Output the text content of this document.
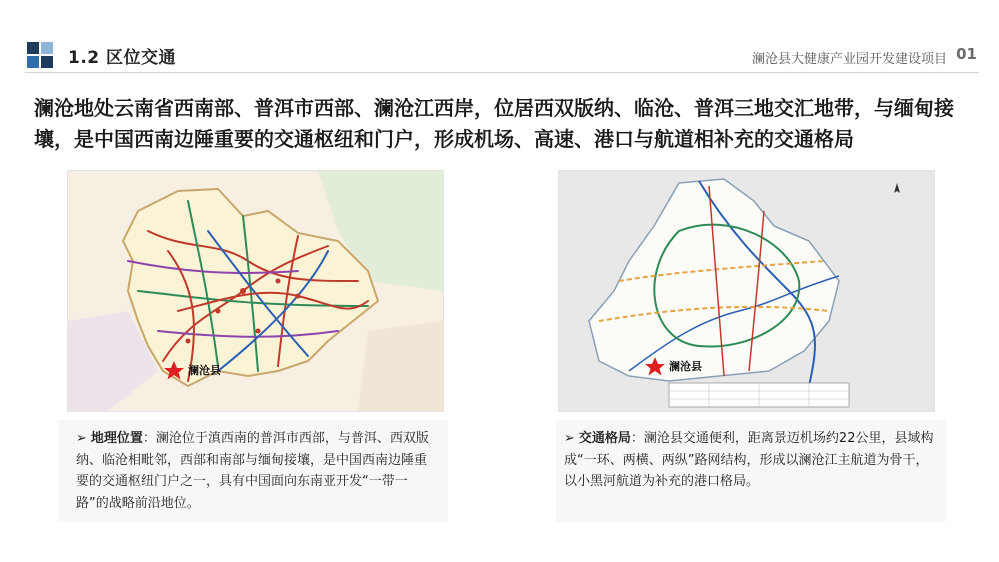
1.2 区位交通	澜沧县大健康产业园开发建设项目 01
澜沧地处云南省西南部、普洱市西部、澜沧江西岸，位居西双版纳、临沧、普洱三地交汇地带，与缅甸接壤，是中国西南边陲重要的交通枢纽和门户，形成机场、高速、港口与航道相补充的交通格局
澜沧县	澜沧县

➢ 地理位置：澜沧位于滇西南的普洱市西部，与普洱、西双版纳、临沧相毗邻，西部和南部与缅甸接壤，是中国西南边陲重要的交通枢纽门户之一，具有中国面向东南亚开发“一带一路”的战略前沿地位。

➢ 交通格局：澜沧县交通便利，距离景迈机场约22公里，县域构成“一环、两横、两纵”路网结构，形成以澜沧江主航道为骨干，以小黑河航道为补充的港口格局。
